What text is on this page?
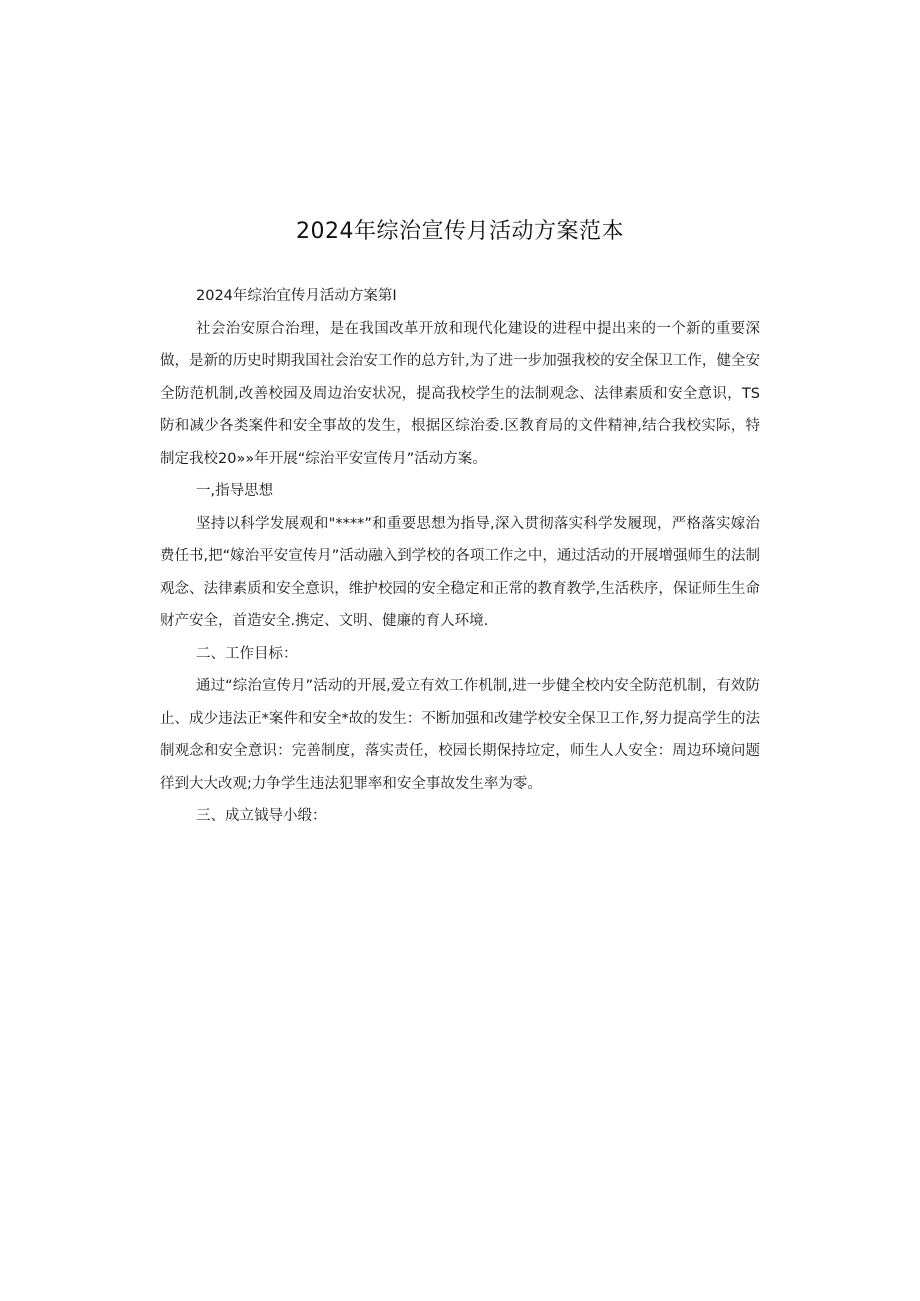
2024年综治宣传月活动方案范本

2024年综治宜传月活动方案第I

社会治安原合治理，是在我国改革开放和现代化建设的进程中提出来的一个新的重要深做，是新的历史时期我国社会治安工作的总方针,为了进一步加强我校的安全保卫工作，健全安全防范机制,改善校园及周边治安状况，提高我校学生的法制观念、法律素质和安全意识，TS防和减少各类案件和安全事故的发生，根据区综治委.区教育局的文件精神,结合我校实际，特制定我校20»»年开展“综治平安宣传月”活动方案。

一,指导思想

坚持以科学发展观和"****”和重要思想为指导,深入贯彻落实科学发履现，严格落实嫁治费任书,把“嫁治平安宣传月”活动融入到学校的各项工作之中，通过活动的开展增强师生的法制观念、法律素质和安全意识，维护校园的安全稳定和正常的教育教学,生活秩序，保证师生生命财产安全，首造安全.携定、文明、健廉的育人环境.

二、工作目标：

通过“综治宣传月”活动的开展,爱立有效工作机制,进一步健全校内安全防范机制，有效防止、成少违法正*案件和安全*故的发生：不断加强和改建学校安全保卫工作,努力提高学生的法制观念和安全意识：完善制度，落实责任，校园长期保持垃定，师生人人安全：周边环境问题徉到大大改观;力争学生违法犯罪率和安全事故发生率为零。

三、成立钺导小缎：
